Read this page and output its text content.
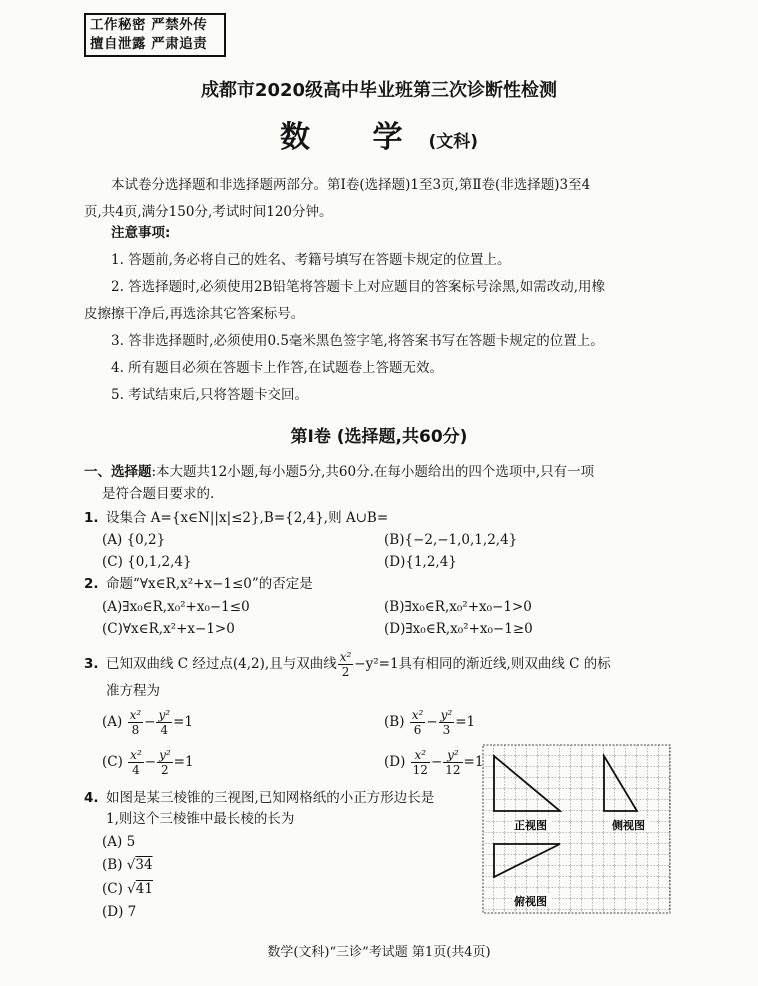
工作秘密 严禁外传
擅自泄露 严肃追责
成都市2020级高中毕业班第三次诊断性检测
数 学(文科)
本试卷分选择题和非选择题两部分。第Ⅰ卷(选择题)1至3页,第Ⅱ卷(非选择题)3至4
页,共4页,满分150分,考试时间120分钟。
注意事项:
1. 答题前,务必将自己的姓名、考籍号填写在答题卡规定的位置上。
2. 答选择题时,必须使用2B铅笔将答题卡上对应题目的答案标号涂黑,如需改动,用橡
皮擦擦干净后,再选涂其它答案标号。
3. 答非选择题时,必须使用0.5毫米黑色签字笔,将答案书写在答题卡规定的位置上。
4. 所有题目必须在答题卡上作答,在试题卷上答题无效。
5. 考试结束后,只将答题卡交回。
第Ⅰ卷 (选择题,共60分)
一、选择题:本大题共12小题,每小题5分,共60分.在每小题给出的四个选项中,只有一项
是符合题目要求的.
1. 设集合 A={x∈N||x|≤2},B={2,4},则 A∪B=
(A) {0,2}	(B){−2,−1,0,1,2,4}
(C) {0,1,2,4}	(D){1,2,4}
2. 命题“∀x∈R,x²+x−1≤0”的否定是
(A)∃x₀∈R,x₀²+x₀−1≤0	(B)∃x₀∈R,x₀²+x₀−1>0
(C)∀x∈R,x²+x−1>0	(D)∃x₀∈R,x₀²+x₀−1≥0
3. 已知双曲线 C 经过点(4,2),且与双曲线 $\frac{\text{x²}}{2} -y^2=1$具有相同的渐近线,则双曲线 C 的标
准方程为
$(A) \frac{\text{x²}}{8} - \frac{\text{y²}}{4} =1$	$(B) \frac{\text{x²}}{6} - \frac{\text{y²}}{3} =1$
$(C) \frac{\text{x²}}{4} - \frac{\text{y²}}{2} =1$	$(D) \frac{\text{x²}}{12} - \frac{\text{y²}}{12} =1$
4. 如图是某三棱锥的三视图,已知网格纸的小正方形边长是
1,则这个三棱锥中最长棱的长为
(A) 5
(B) √34
(C) √41
(D) 7
正视图	侧视图
俯视图
数学(文科)“三诊”考试题 第1页(共4页)
